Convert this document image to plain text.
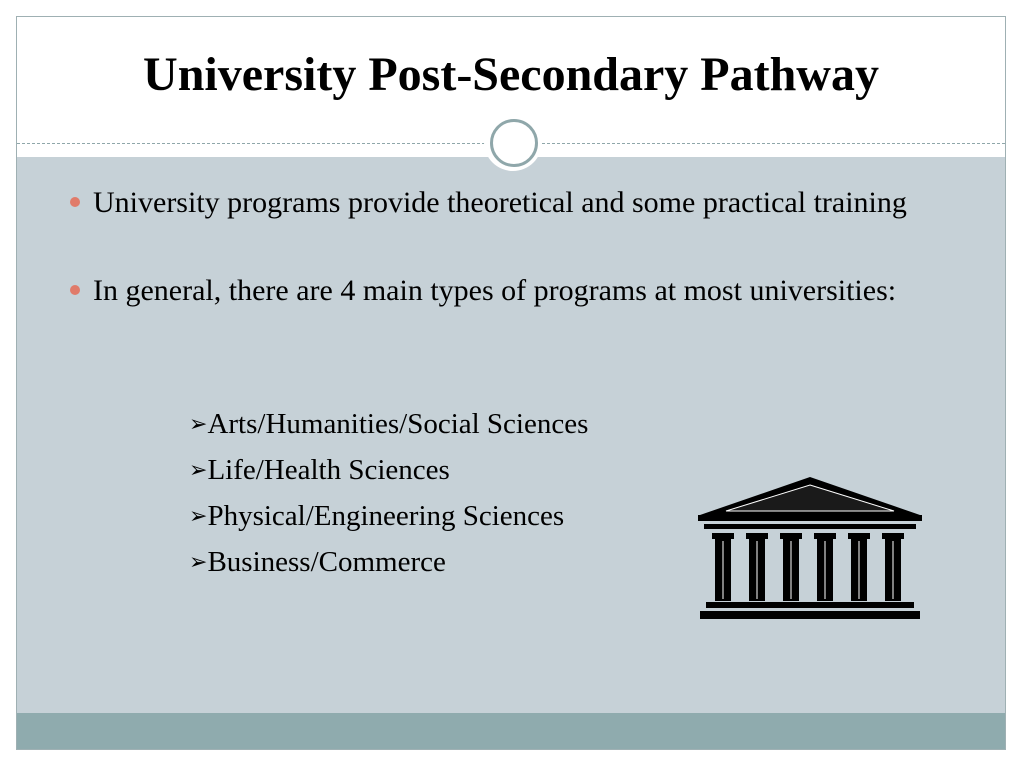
University Post-Secondary Pathway
University programs provide theoretical and some practical training
In general, there are 4 main types of programs at most universities:
➢Arts/Humanities/Social Sciences
➢Life/Health Sciences
➢Physical/Engineering Sciences
➢Business/Commerce
